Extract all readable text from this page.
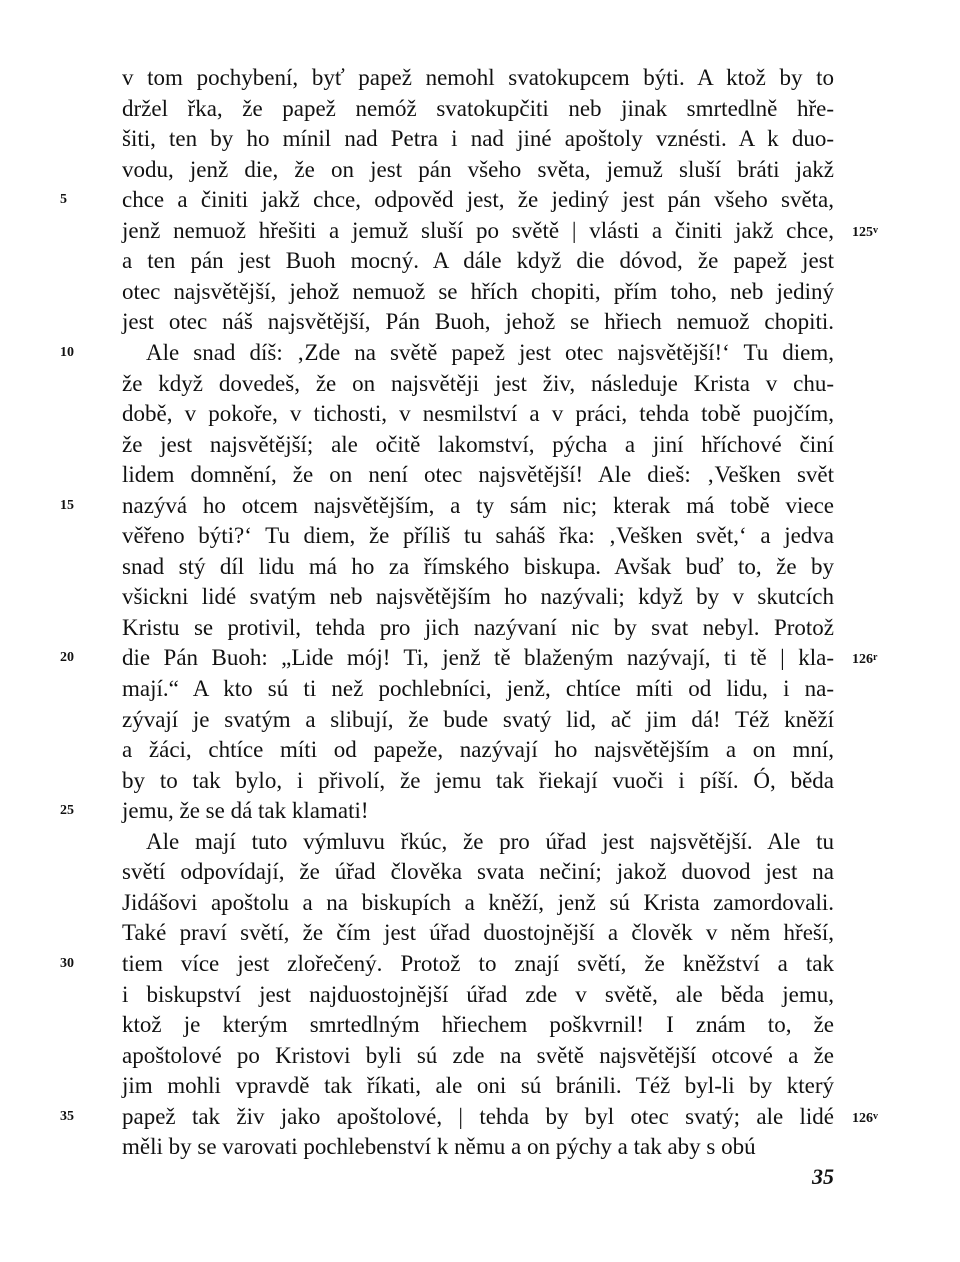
v tom pochybení, byť papež nemohl svatokupcem býti. A ktož by to
držel řka, že papež nemóž svatokupčiti neb jinak smrtedlně hře-
šiti, ten by ho mínil nad Petra i nad jiné apoštoly vznésti. A k duo-
vodu, jenž die, že on jest pán všeho světa, jemuž sluší bráti jakž
chce a činiti jakž chce, odpověd jest, že jediný jest pán všeho světa,
jenž nemuož hřešiti a jemuž sluší po světě | vlásti a činiti jakž chce,
a ten pán jest Buoh mocný. A dále když die dóvod, že papež jest
otec najsvětější, jehož nemuož se hřích chopiti, přím toho, neb jediný
jest otec náš najsvětější, Pán Buoh, jehož se hřiech nemuož chopiti.
Ale snad díš: ‚Zde na světě papež jest otec najsvětější!‘ Tu diem,
že když dovedeš, že on najsvětěji jest živ, následuje Krista v chu-
době, v pokoře, v tichosti, v nesmilství a v práci, tehda tobě puojčím,
že jest najsvětější; ale očitě lakomství, pýcha a jiní hříchové činí
lidem domnění, že on není otec najsvětější! Ale dieš: ‚Vešken svět
nazývá ho otcem najsvětějším, a ty sám nic; kterak má tobě viece
věřeno býti?‘ Tu diem, že příliš tu saháš řka: ‚Vešken svět,‘ a jedva
snad stý díl lidu má ho za římského biskupa. Avšak buď to, že by
všickni lidé svatým neb najsvětějším ho nazývali; když by v skutcích
Kristu se protivil, tehda pro jich nazývaní nic by svat nebyl. Protož
die Pán Buoh: „Lide mój! Ti, jenž tě blaženým nazývají, ti tě | kla-
mají.“ A kto sú ti než pochlebníci, jenž, chtíce míti od lidu, i na-
zývají je svatým a slibují, že bude svatý lid, ač jim dá! Též kněží
a žáci, chtíce míti od papeže, nazývají ho najsvětějším a on mní,
by to tak bylo, i přivolí, že jemu tak řiekají vuoči i píší. Ó, běda
jemu, že se dá tak klamati!
Ale mají tuto výmluvu řkúc, že pro úřad jest najsvětější. Ale tu
světí odpovídají, že úřad člověka svata nečiní; jakož duovod jest na
Jidášovi apoštolu a na biskupích a kněží, jenž sú Krista zamordovali.
Také praví světí, že čím jest úřad duostojnější a člověk v něm hřeší,
tiem více jest zlořečený. Protož to znají světí, že kněžství a tak
i biskupství jest najduostojnější úřad zde v světě, ale běda jemu,
ktož je kterým smrtedlným hřiechem poškvrnil! I znám to, že
apoštolové po Kristovi byli sú zde na světě najsvětější otcové a že
jim mohli vpravdě tak říkati, ale oni sú bránili. Též byl-li by který
papež tak živ jako apoštolové, | tehda by byl otec svatý; ale lidé
měli by se varovati pochlebenství k němu a on pýchy a tak aby s obú
5
10
15
20
25
30
35
125$^v$
126$^r$
126$^v$
35
